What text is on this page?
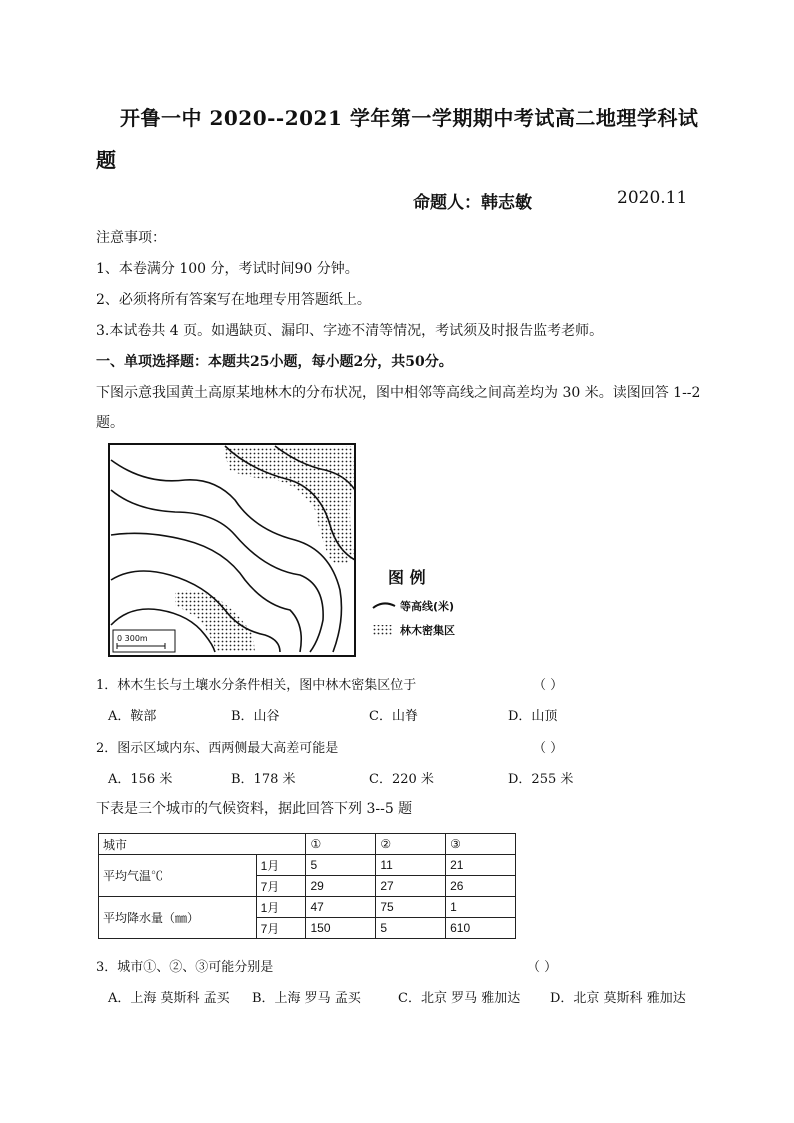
开鲁一中 2020--2021 学年第一学期期中考试高二地理学科试
题
命题人：韩志敏	2020.11
注意事项：
1、本卷满分 100 分，考试时间90 分钟。
2、必须将所有答案写在地理专用答题纸上。
3.本试卷共 4 页。如遇缺页、漏印、字迹不清等情况，考试须及时报告监考老师。
一、单项选择题：本题共25小题，每小题2分，共50分。
下图示意我国黄土高原某地林木的分布状况，图中相邻等高线之间高差均为 30 米。读图回答 1--2
题。
0 300m
图 例
等高线(米)
林木密集区
1．林木生长与土壤水分条件相关，图中林木密集区位于	（ ）
A．鞍部	B．山谷	C．山脊	D．山顶
2．图示区域内东、西两侧最大高差可能是	（ ）
A．156 米	B．178 米	C．220 米	D．255 米
下表是三个城市的气候资料，据此回答下列 3--5 题
城市		①	②	③
平均气温℃	1月	5	11	21
	7月	29	27	26
平均降水量（㎜）	1月	47	75	1
	7月	150	5	610
3．城市①、②、③可能分别是	（ ）
A．上海 莫斯科 孟买 B．上海 罗马 孟买	C．北京 罗马 雅加达 D．北京 莫斯科 雅加达
